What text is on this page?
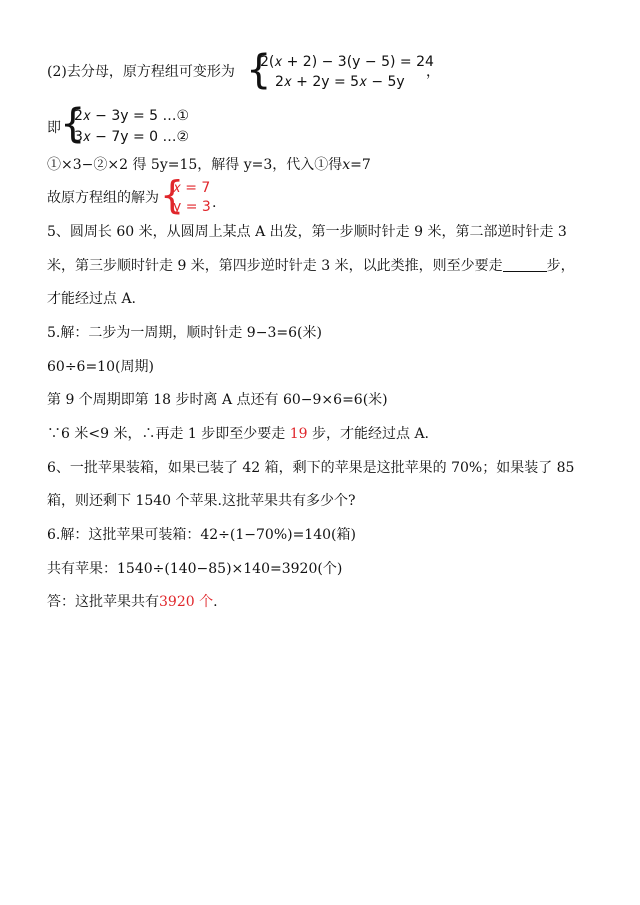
(2)去分母，原方程组可变形为 {
2(𝑥 + 2) − 3(y − 5) = 24
2𝑥 + 2y = 5𝑥 − 5y
，
即 {
2𝑥 − 3y = 5 …①
3𝑥 − 7y = 0 …②
①×3−②×2 得 5y=15，解得 y=3，代入①得𝑥=7
故原方程组的解为 {
𝑥 = 7
y = 3 .
5、圆周长 60 米，从圆周上某点 A 出发，第一步顺时针走 9 米，第二部逆时针走 3
米，第三步顺时针走 9 米，第四步逆时针走 3 米，以此类推，则至少要走	步，
才能经过点 A.
5.解：二步为一周期，顺时针走 9−3=6(米)
60÷6=10(周期)
第 9 个周期即第 18 步时离 A 点还有 60−9×6=6(米)
∵6 米<9 米，∴再走 1 步即至少要走 19 步，才能经过点 A.
6、一批苹果装箱，如果已装了 42 箱，剩下的苹果是这批苹果的 70%；如果装了 85
箱，则还剩下 1540 个苹果.这批苹果共有多少个?
6.解：这批苹果可装箱：42÷(1−70%)=140(箱)
共有苹果：1540÷(140−85)×140=3920(个)
答：这批苹果共有3920 个.
